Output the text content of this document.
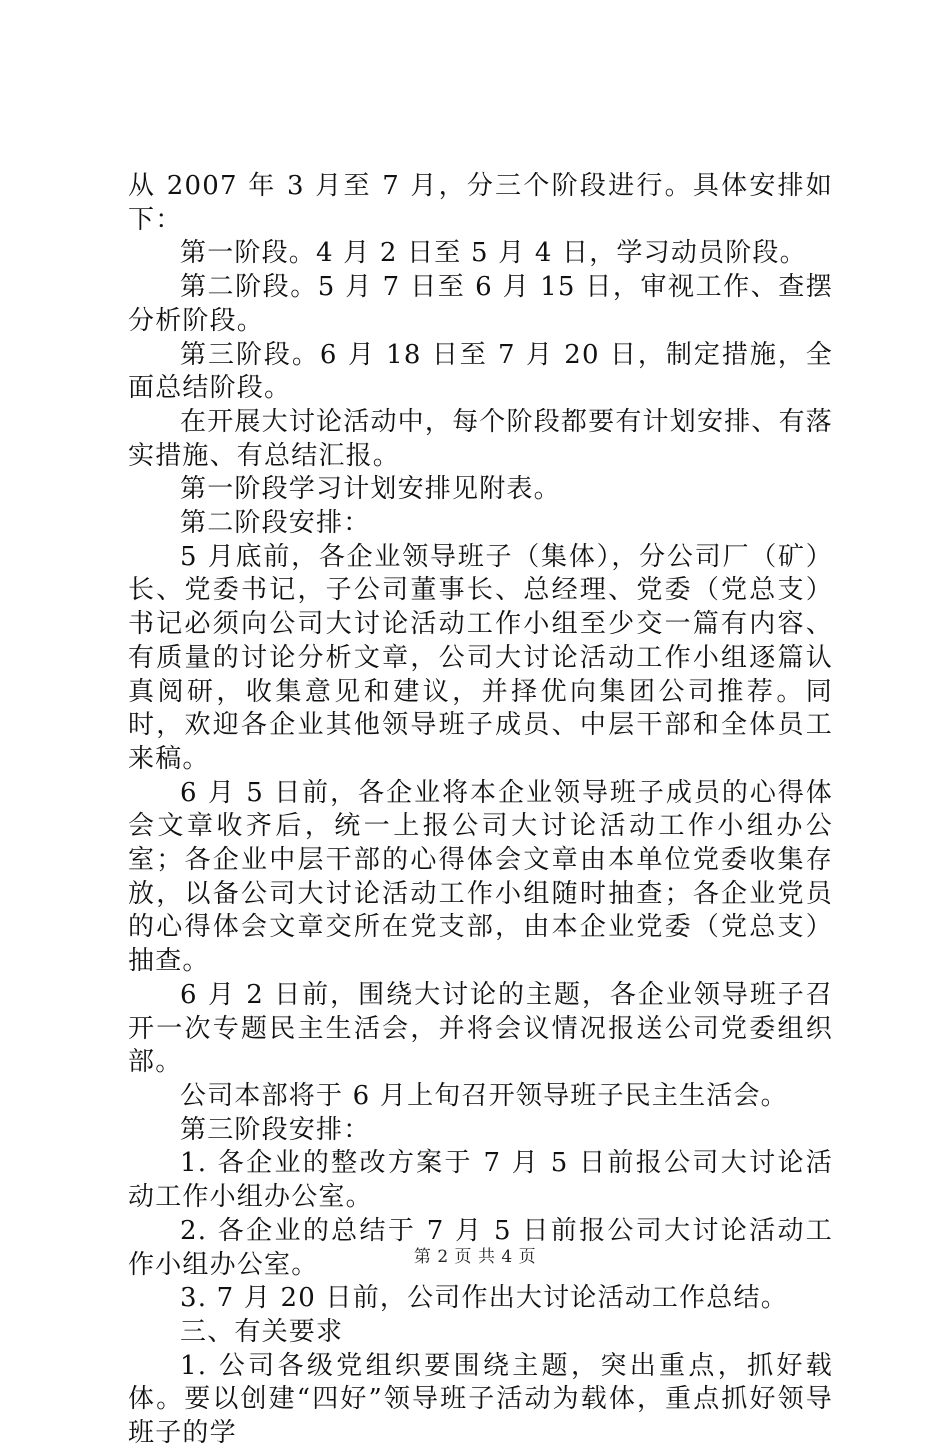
从 2007 年 3 月至 7 月，分三个阶段进行。具体安排如下：

第一阶段。4 月 2 日至 5 月 4 日，学习动员阶段。

第二阶段。5 月 7 日至 6 月 15 日，审视工作、查摆分析阶段。

第三阶段。6 月 18 日至 7 月 20 日，制定措施，全面总结阶段。

在开展大讨论活动中，每个阶段都要有计划安排、有落实措施、有总结汇报。

第一阶段学习计划安排见附表。

第二阶段安排：

5 月底前，各企业领导班子（集体），分公司厂（矿）长、党委书记，子公司董事长、总经理、党委（党总支）书记必须向公司大讨论活动工作小组至少交一篇有内容、有质量的讨论分析文章，公司大讨论活动工作小组逐篇认真阅研，收集意见和建议，并择优向集团公司推荐。同时，欢迎各企业其他领导班子成员、中层干部和全体员工来稿。

6 月 5 日前，各企业将本企业领导班子成员的心得体会文章收齐后，统一上报公司大讨论活动工作小组办公室；各企业中层干部的心得体会文章由本单位党委收集存放，以备公司大讨论活动工作小组随时抽查；各企业党员的心得体会文章交所在党支部，由本企业党委（党总支）抽查。

6 月 2 日前，围绕大讨论的主题，各企业领导班子召开一次专题民主生活会，并将会议情况报送公司党委组织部。

公司本部将于 6 月上旬召开领导班子民主生活会。

第三阶段安排：

1. 各企业的整改方案于 7 月 5 日前报公司大讨论活动工作小组办公室。

2. 各企业的总结于 7 月 5 日前报公司大讨论活动工作小组办公室。

3. 7 月 20 日前，公司作出大讨论活动工作总结。

三、有关要求

1. 公司各级党组织要围绕主题，突出重点，抓好载体。要以创建“四好”领导班子活动为载体，重点抓好领导班子的学

第 2 页 共 4 页
